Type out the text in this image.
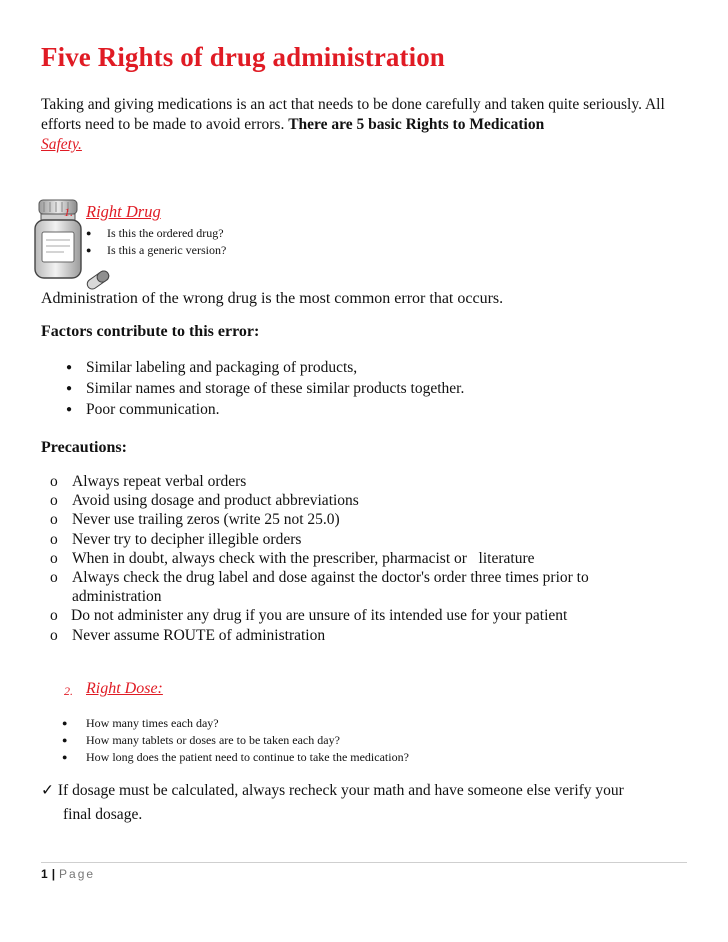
Five Rights of drug administration
Taking and giving medications is an act that needs to be done carefully and taken quite seriously. All efforts need to be made to avoid errors. There are 5 basic Rights to Medication
Safety.
1. Right Drug
● Is this the ordered drug?
● Is this a generic version?
Administration of the wrong drug is the most common error that occurs.
Factors contribute to this error:
● Similar labeling and packaging of products,
● Similar names and storage of these similar products together.
● Poor communication.
Precautions:
o Always repeat verbal orders
o Avoid using dosage and product abbreviations
o Never use trailing zeros (write 25 not 25.0)
o Never try to decipher illegible orders
o When in doubt, always check with the prescriber, pharmacist or   literature
o Always check the drug label and dose against the doctor's order three times prior to administration
o Do not administer any drug if you are unsure of its intended use for your patient
o Never assume ROUTE of administration
2. Right Dose:
● How many times each day?
● How many tablets or doses are to be taken each day?
● How long does the patient need to continue to take the medication?
✓ If dosage must be calculated, always recheck your math and have someone else verify your
final dosage.
1 | Page
